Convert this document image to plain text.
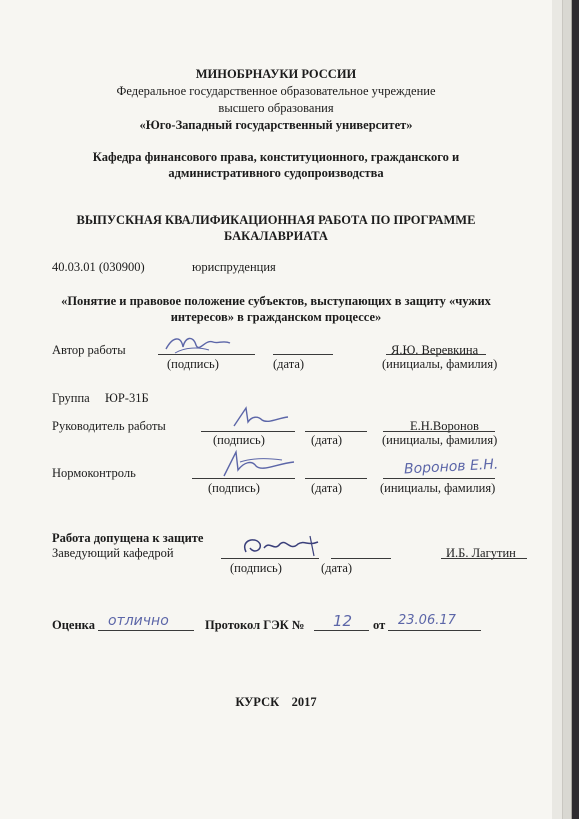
МИНОБРНАУКИ РОССИИ
Федеральное государственное образовательное учреждение
высшего образования
«Юго-Западный государственный университет»
Кафедра финансового права, конституционного, гражданского и
административного судопроизводства
ВЫПУСКНАЯ КВАЛИФИКАЦИОННАЯ РАБОТА ПО ПРОГРАММЕ
БАКАЛАВРИАТА
40.03.01 (030900)	юриспруденция
«Понятие и правовое положение субъектов, выступающих в защиту «чужих
интересов» в гражданском процессе»
Автор работы	Я.Ю. Веревкина
(подпись)	(дата)	(инициалы, фамилия)
Группа ЮР-31Б
Руководитель работы	Е.Н.Воронов
(подпись)	(дата)	(инициалы, фамилия)
Нормоконтроль	Воронов Е.Н.
(подпись)	(дата)	(инициалы, фамилия)
Работа допущена к защите
Заведующий кафедрой	И.Б. Лагутин
(подпись)	(дата)
Оценка отлично	Протокол ГЭК № 12 от 23.06.17
КУРСК    2017
